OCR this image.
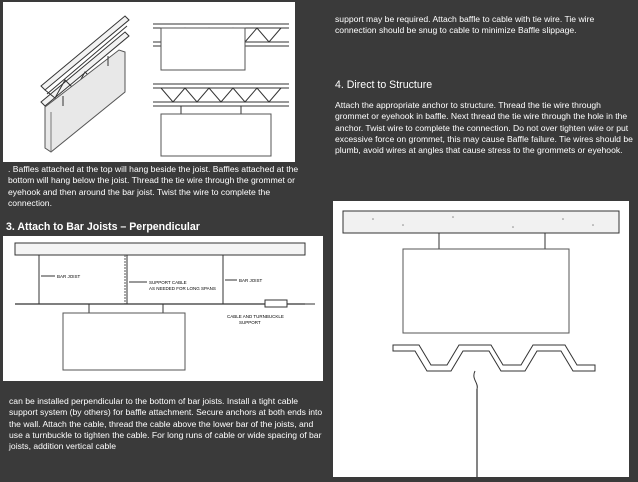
. Baffles attached at the top will hang beside the joist. Baffles attached at the bottom will hang below the joist. Thread the tie wire through the grommet or eyehook and then around the bar joist. Twist the wire to complete the connection.
3. Attach to Bar Joists – Perpendicular
BAR JOIST
SUPPORT CABLE
AS NEEDED FOR LONG SPANS
BAR JOIST
CABLE AND TURNBUCKLE
SUPPORT
can be installed perpendicular to the bottom of bar joists. Install a tight cable support system (by others) for baffle attachment. Secure anchors at both ends into the wall. Attach the cable, thread the cable above the lower bar of the joists, and use a turnbuckle to tighten the cable. For long runs of cable or wide spacing of bar joists, addition vertical cable
support may be required. Attach baffle to cable with tie wire. Tie wire connection should be snug to cable to minimize Baffle slippage.
4. Direct to Structure
Attach the appropriate anchor to structure. Thread the tie wire through grommet or eyehook in baffle. Next thread the tie wire through the hole in the anchor. Twist wire to complete the connection. Do not over tighten wire or put excessive force on grommet, this may cause Baffle failure. Tie wires should be plumb, avoid wires at angles that cause stress to the grommets or eyehook.
